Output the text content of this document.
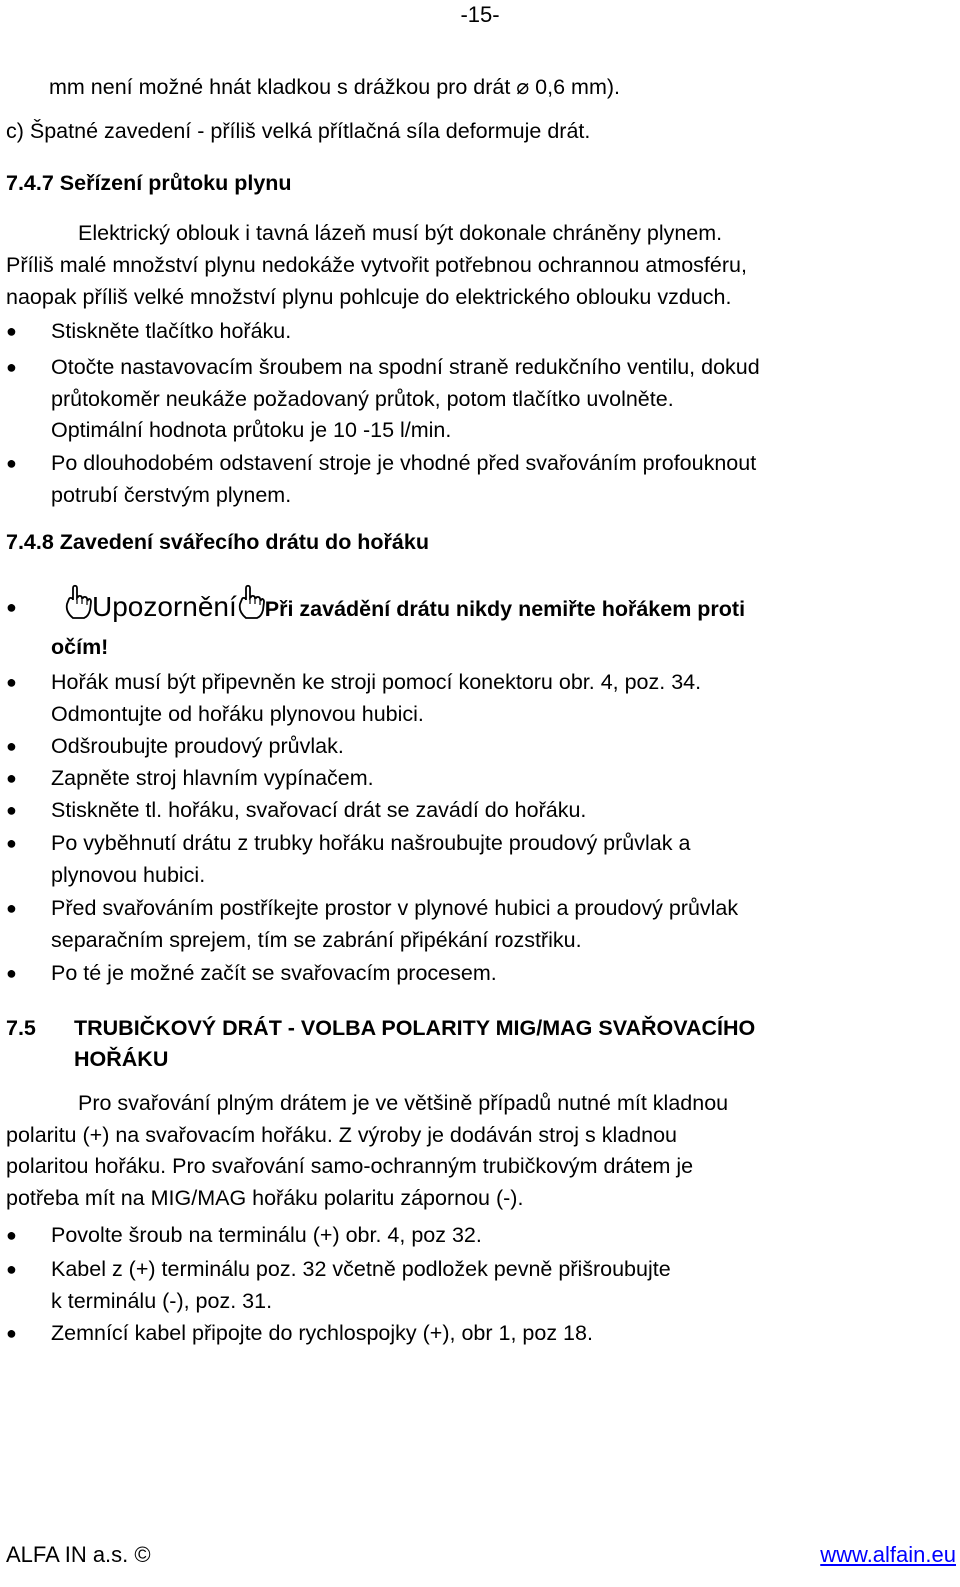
-15-
mm není možné hnát kladkou s drážkou pro drát ⌀ 0,6 mm).
c) Špatné zavedení - příliš velká přítlačná síla deformuje drát.
7.4.7 Seřízení průtoku plynu
Elektrický oblouk i tavná lázeň musí být dokonale chráněny plynem.
Příliš malé množství plynu nedokáže vytvořit potřebnou ochrannou atmosféru,
naopak příliš velké množství plynu pohlcuje do elektrického oblouku vzduch.
●	Stiskněte tlačítko hořáku.
●	Otočte nastavovacím šroubem na spodní straně redukčního ventilu, dokud
průtokoměr neukáže požadovaný průtok, potom tlačítko uvolněte.
Optimální hodnota průtoku je 10 -15 l/min.
●	Po dlouhodobém odstavení stroje je vhodné před svařováním profouknout
potrubí čerstvým plynem.
7.4.8 Zavedení svářecího drátu do hořáku
●	Upozornění Při zavádění drátu nikdy nemiřte hořákem proti
očím!
●	Hořák musí být připevněn ke stroji pomocí konektoru obr. 4, poz. 34.
Odmontujte od hořáku plynovou hubici.
●	Odšroubujte proudový průvlak.
●	Zapněte stroj hlavním vypínačem.
●	Stiskněte tl. hořáku, svařovací drát se zavádí do hořáku.
●	Po vyběhnutí drátu z trubky hořáku našroubujte proudový průvlak a
plynovou hubici.
●	Před svařováním postříkejte prostor v plynové hubici a proudový průvlak
separačním sprejem, tím se zabrání připékání rozstřiku.
●	Po té je možné začít se svařovacím procesem.
7.5 TRUBIČKOVÝ DRÁT - VOLBA POLARITY MIG/MAG SVAŘOVACÍHO
HOŘÁKU
Pro svařování plným drátem je ve většině případů nutné mít kladnou
polaritu (+) na svařovacím hořáku. Z výroby je dodáván stroj s kladnou
polaritou hořáku. Pro svařování samo-ochranným trubičkovým drátem je
potřeba mít na MIG/MAG hořáku polaritu zápornou (-).
●	Povolte šroub na terminálu (+) obr. 4, poz 32.
●	Kabel z (+) terminálu poz. 32 včetně podložek pevně přišroubujte
k terminálu (-), poz. 31.
●	Zemnící kabel připojte do rychlospojky (+), obr 1, poz 18.
ALFA IN a.s. ©	www.alfain.eu
